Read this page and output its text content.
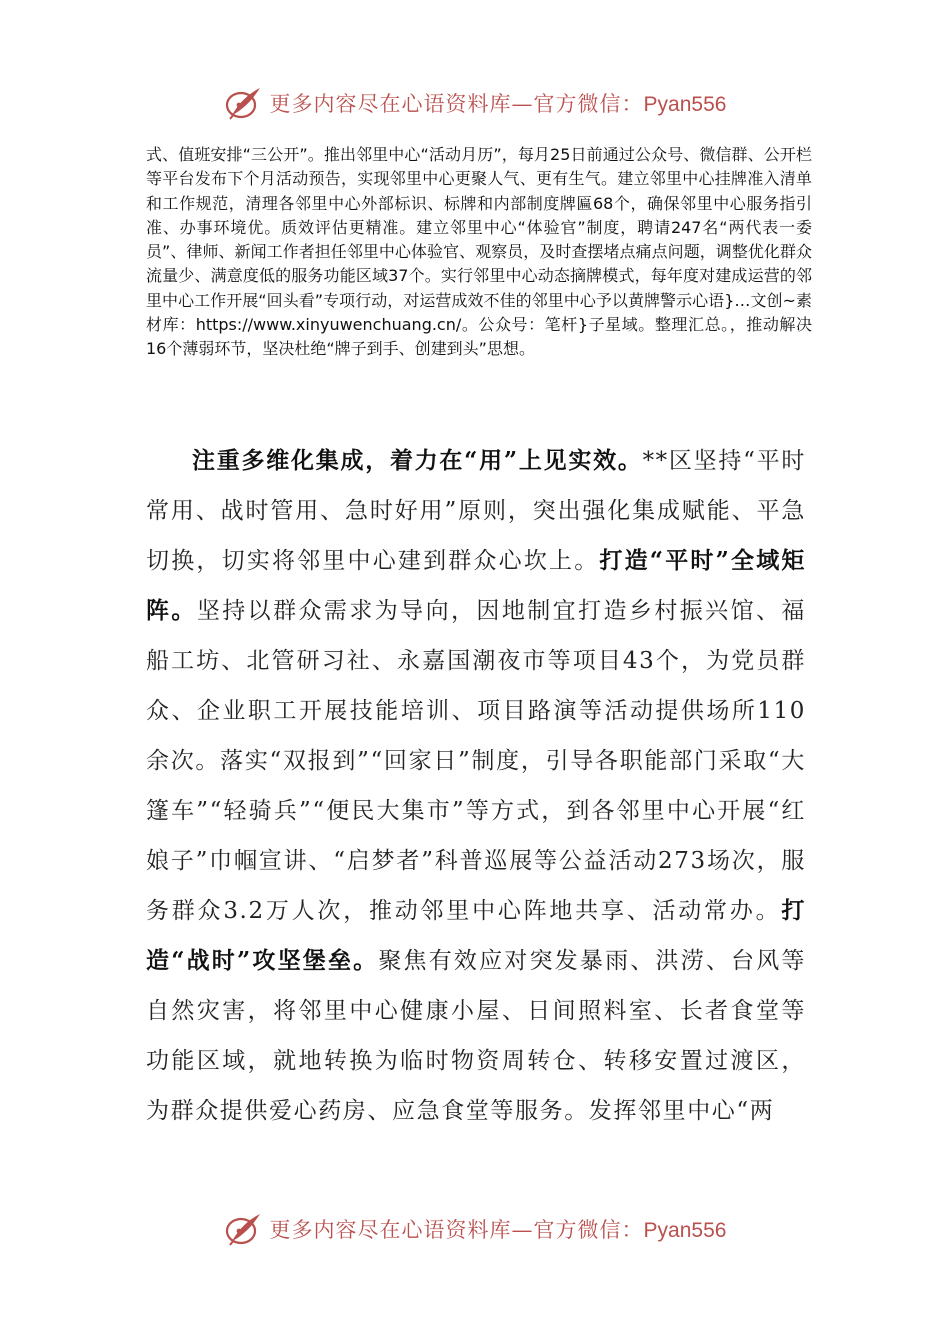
更多内容尽在心语资料库—官方微信：Pyan556
式、值班安排“三公开”。推出邻里中心“活动月历”，每月25日前通过公众号、微信群、公开栏等平台发布下个月活动预告，实现邻里中心更聚人气、更有生气。建立邻里中心挂牌准入清单和工作规范，清理各邻里中心外部标识、标牌和内部制度牌匾68个，确保邻里中心服务指引准、办事环境优。质效评估更精准。建立邻里中心“体验官”制度，聘请247名“两代表一委员”、律师、新闻工作者担任邻里中心体验官、观察员，及时查摆堵点痛点问题，调整优化群众流量少、满意度低的服务功能区域37个。实行邻里中心动态摘牌模式，每年度对建成运营的邻里中心工作开展“回头看”专项行动，对运营成效不佳的邻里中心予以黄牌警示心语}…文创~素材库：https://www.xinyuwenchuang.cn/。公众号：笔杆}子星域。整理汇总。，推动解决16个薄弱环节，坚决杜绝“牌子到手、创建到头”思想。

注重多维化集成，着力在“用”上见实效。**区坚持“平时常用、战时管用、急时好用”原则，突出强化集成赋能、平急切换，切实将邻里中心建到群众心坎上。打造“平时”全域矩阵。坚持以群众需求为导向，因地制宜打造乡村振兴馆、福船工坊、北管研习社、永嘉国潮夜市等项目43个，为党员群众、企业职工开展技能培训、项目路演等活动提供场所110余次。落实“双报到”“回家日”制度，引导各职能部门采取“大篷车”“轻骑兵”“便民大集市”等方式，到各邻里中心开展“红娘子”巾帼宣讲、“启梦者”科普巡展等公益活动273场次，服务群众3.2万人次，推动邻里中心阵地共享、活动常办。打造“战时”攻坚堡垒。聚焦有效应对突发暴雨、洪涝、台风等自然灾害，将邻里中心健康小屋、日间照料室、长者食堂等功能区域，就地转换为临时物资周转仓、转移安置过渡区，为群众提供爱心药房、应急食堂等服务。发挥邻里中心“两

更多内容尽在心语资料库—官方微信：Pyan556
